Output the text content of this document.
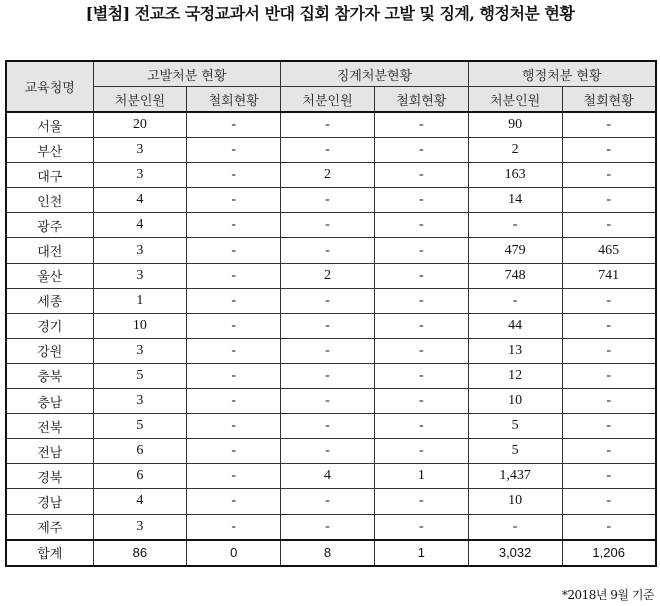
[별첨] 전교조 국정교과서 반대 집회 참가자 고발 및 징계, 행정처분 현황
교육청명	고발처분 현황		징계처분현황		행정처분 현황	
	처분인원	철회현황	처분인원	철회현황	처분인원	철회현황
서울	20	-	-	-	90	-
부산	3	-	-	-	2	-
대구	3	-	2	-	163	-
인천	4	-	-	-	14	-
광주	4	-	-	-	-	-
대전	3	-	-	-	479	465
울산	3	-	2	-	748	741
세종	1	-	-	-	-	-
경기	10	-	-	-	44	-
강원	3	-	-	-	13	-
충북	5	-	-	-	12	-
충남	3	-	-	-	10	-
전북	5	-	-	-	5	-
전남	6	-	-	-	5	-
경북	6	-	4	1	1,437	-
경남	4	-	-	-	10	-
제주	3	-	-	-	-	-
합계	86	0	8	1	3,032	1,206
*2018년 9월 기준
